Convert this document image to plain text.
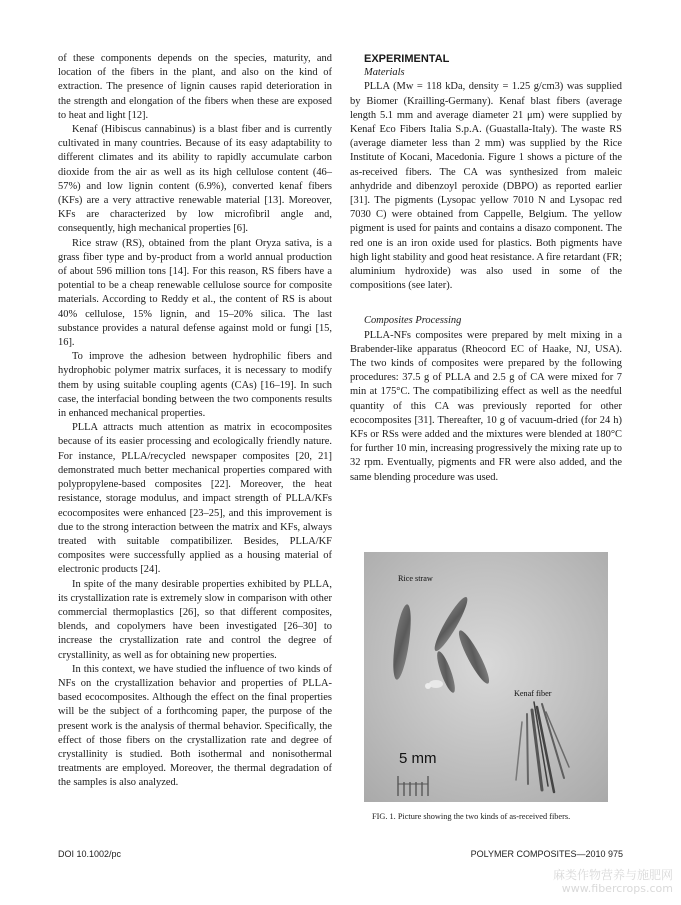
of these components depends on the species, maturity, and location of the fibers in the plant, and also on the kind of extraction. The presence of lignin causes rapid deterioration in the strength and elongation of the fibers when these are exposed to heat and light [12].

Kenaf (Hibiscus cannabinus) is a blast fiber and is currently cultivated in many countries. Because of its easy adaptability to different climates and its ability to rapidly accumulate carbon dioxide from the air as well as its high cellulose content (46–57%) and low lignin content (6.9%), converted kenaf fibers (KFs) are a very attractive renewable material [13]. Moreover, KFs are characterized by low microfibril angle and, consequently, high mechanical properties [6].

Rice straw (RS), obtained from the plant Oryza sativa, is a grass fiber type and by-product from a world annual production of about 596 million tons [14]. For this reason, RS fibers have a potential to be a cheap renewable cellulose source for composite materials. According to Reddy et al., the content of RS is about 40% cellulose, 15% lignin, and 15–20% silica. The last substance provides a natural defense against mold or fungi [15, 16].

To improve the adhesion between hydrophilic fibers and hydrophobic polymer matrix surfaces, it is necessary to modify them by using suitable coupling agents (CAs) [16–19]. In such case, the interfacial bonding between the two components results in enhanced mechanical properties.

PLLA attracts much attention as matrix in ecocomposites because of its easier processing and ecologically friendly nature. For instance, PLLA/recycled newspaper composites [20, 21] demonstrated much better mechanical properties compared with polypropylene-based composites [22]. Moreover, the heat resistance, storage modulus, and impact strength of PLLA/KFs ecocomposites were enhanced [23–25], and this improvement is due to the strong interaction between the matrix and KFs, always treated with suitable compatibilizer. Besides, PLLA/KF composites were successfully applied as a housing material of electronic products [24].

In spite of the many desirable properties exhibited by PLLA, its crystallization rate is extremely slow in comparison with other commercial thermoplastics [26], so that different composites, blends, and copolymers have been investigated [26–30] to increase the crystallization rate and control the degree of crystallinity, as well as for obtaining new properties.

In this context, we have studied the influence of two kinds of NFs on the crystallization behavior and properties of PLLA-based ecocomposites. Although the effect on the final properties will be the subject of a forthcoming paper, the purpose of the present work is the analysis of thermal behavior. Specifically, the effect of those fibers on the crystallization rate and degree of crystallinity is studied. Both isothermal and nonisothermal treatments are employed. Moreover, the thermal degradation of the samples is also analyzed.

EXPERIMENTAL

Materials

PLLA (Mw = 118 kDa, density = 1.25 g/cm3) was supplied by Biomer (Krailling-Germany). Kenaf blast fibers (average length 5.1 mm and average diameter 21 μm) were supplied by Kenaf Eco Fibers Italia S.p.A. (Guastalla-Italy). The waste RS (average diameter less than 2 mm) was supplied by the Rice Institute of Kocani, Macedonia. Figure 1 shows a picture of the as-received fibers. The CA was synthesized from maleic anhydride and dibenzoyl peroxide (DBPO) as reported earlier [31]. The pigments (Lysopac yellow 7010 N and Lysopac red 7030 C) were obtained from Cappelle, Belgium. The yellow pigment is used for paints and contains a disazo component. The red one is an iron oxide used for plastics. Both pigments have high light stability and good heat resistance. A fire retardant (FR; aluminium hydroxide) was also used in some of the compositions (see later).

Composites Processing

PLLA-NFs composites were prepared by melt mixing in a Brabender-like apparatus (Rheocord EC of Haake, NJ, USA). The two kinds of composites were prepared by the following procedures: 37.5 g of PLLA and 2.5 g of CA were mixed for 7 min at 175°C. The compatibilizing effect as well as the needful quantity of this CA was previously reported for other ecocomposites [31]. Thereafter, 10 g of vacuum-dried (for 24 h) KFs or RSs were added and the mixtures were blended at 180°C for further 10 min, increasing progressively the mixing rate up to 32 rpm. Eventually, pigments and FR were also added, and the same blending procedure was used.

Rice straw
Kenaf fiber
5 mm
FIG. 1. Picture showing the two kinds of as-received fibers.
DOI 10.1002/pc	POLYMER COMPOSITES—2010 975
麻类作物营养与施肥网
www.fibercrops.com
